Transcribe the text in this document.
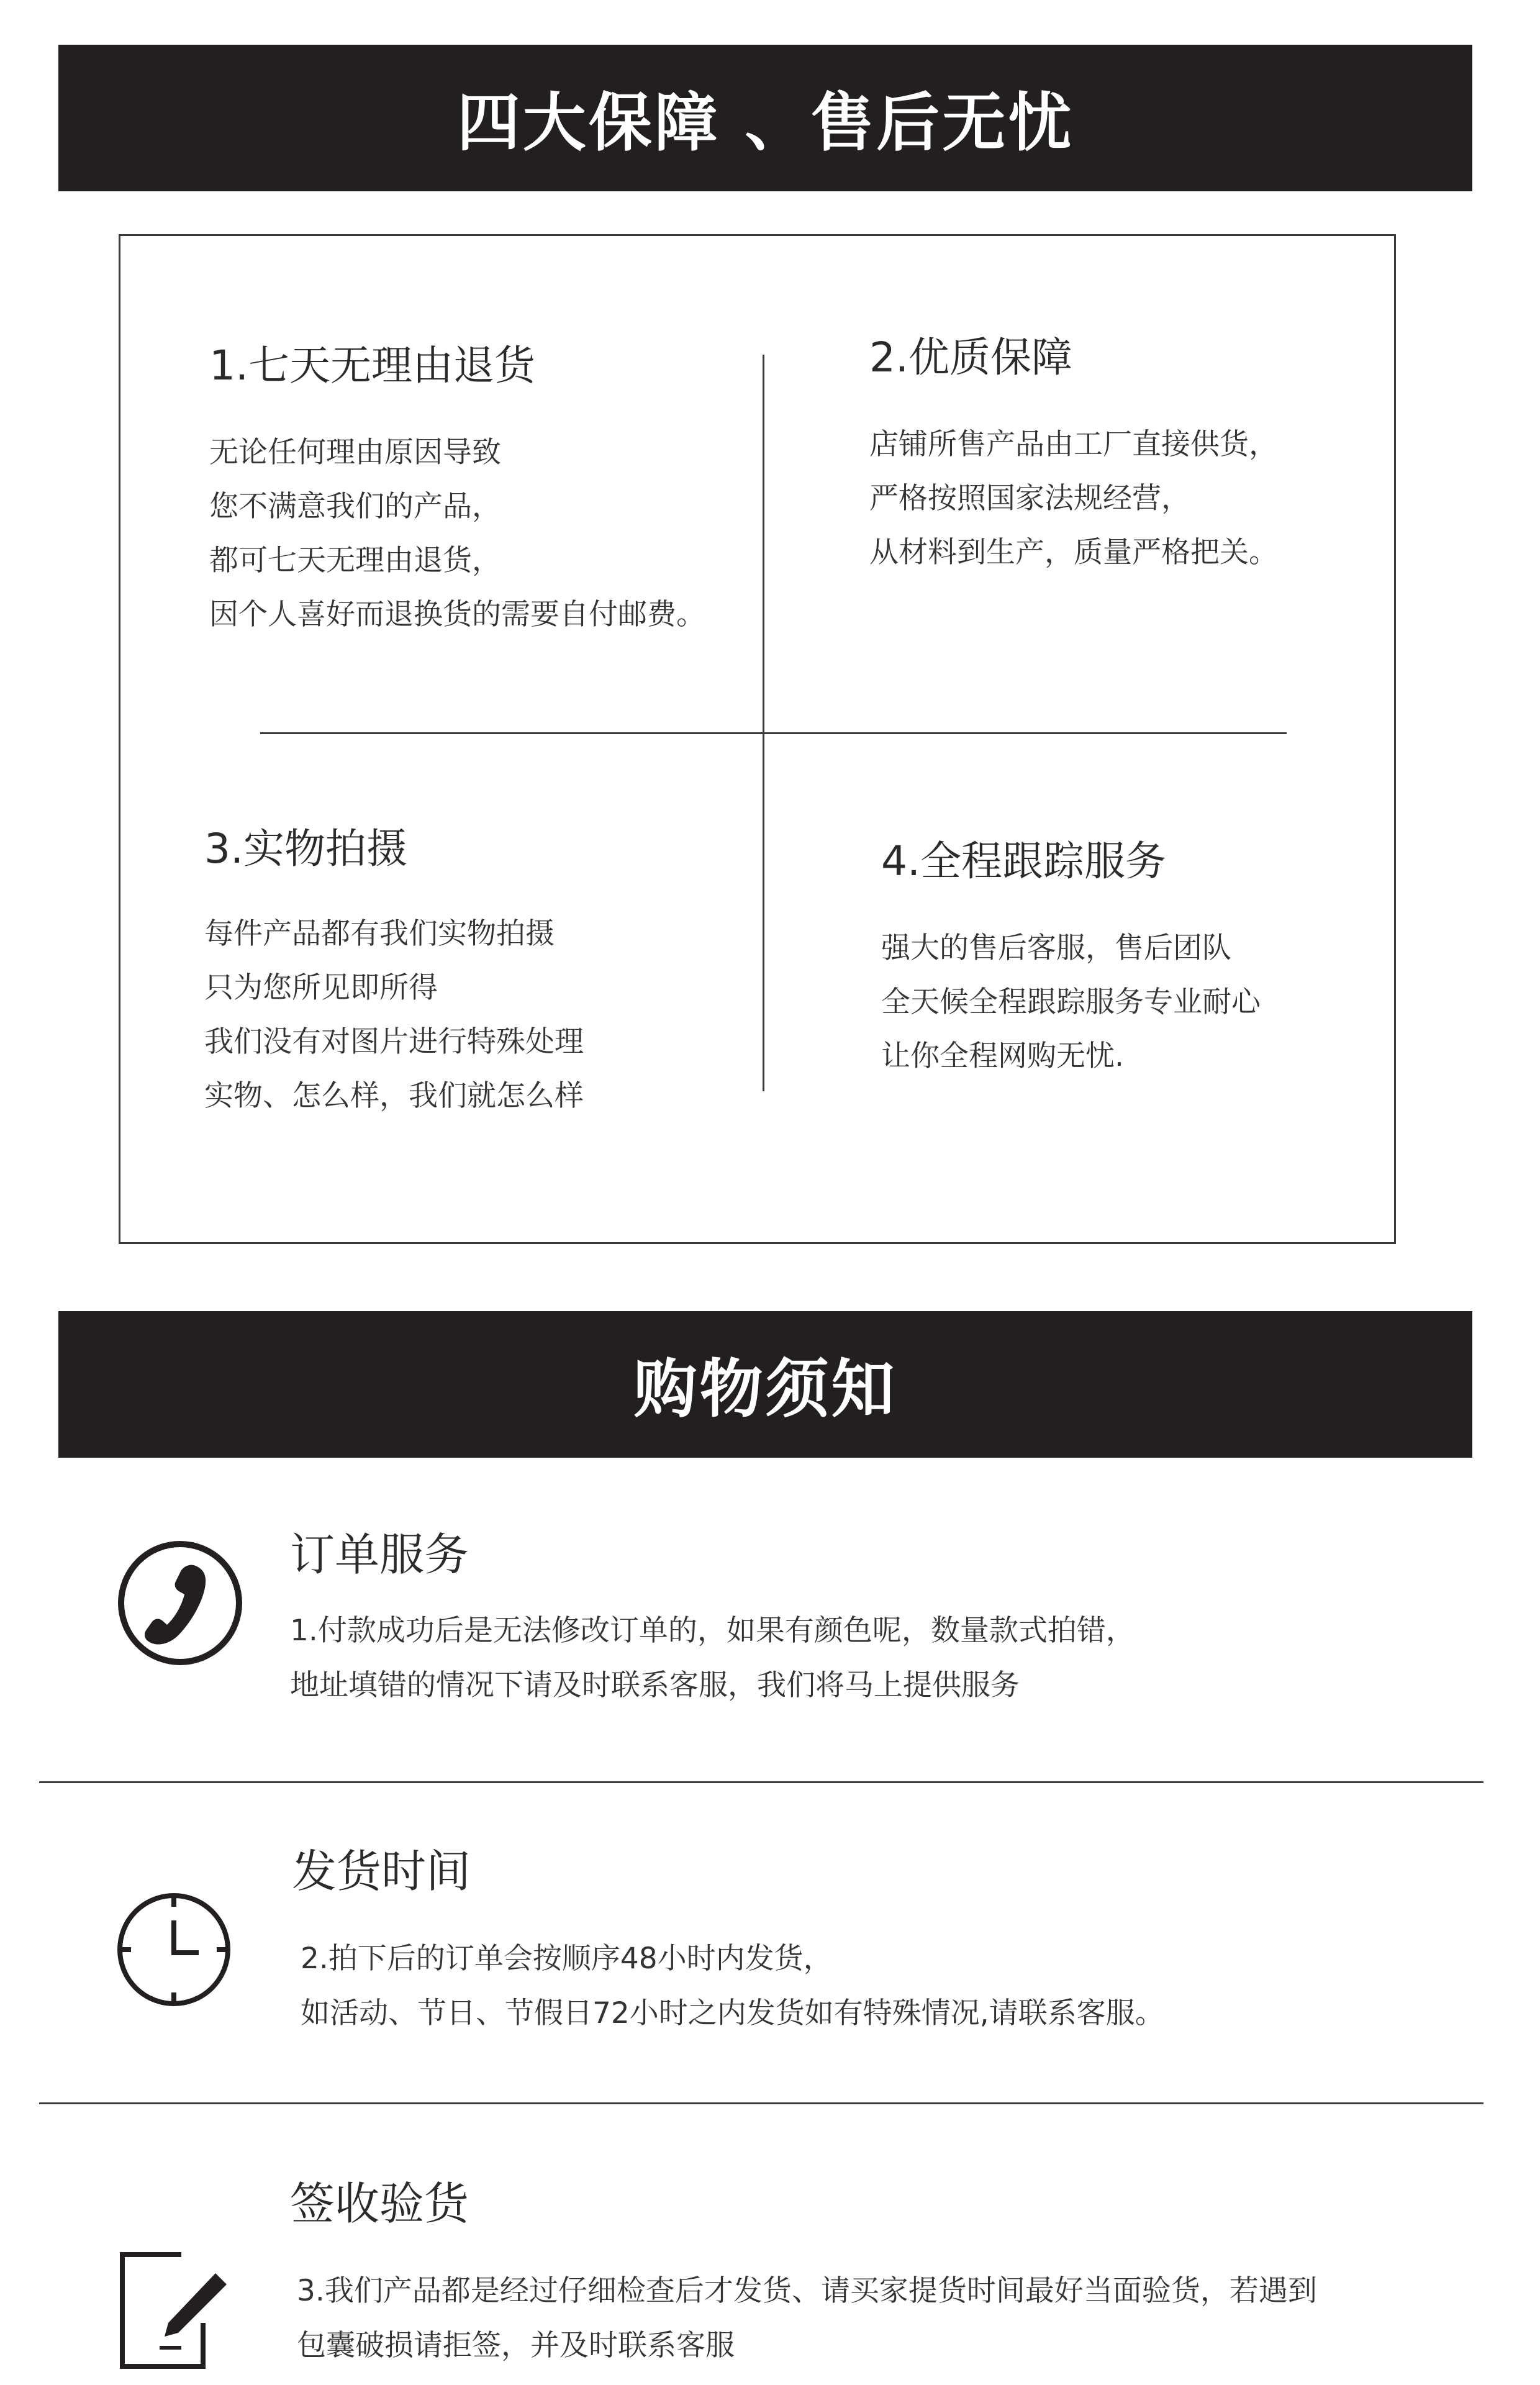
四大保障 、售后无忧
1.七天无理由退货
无论任何理由原因导致
您不满意我们的产品，
都可七天无理由退货，
因个人喜好而退换货的需要自付邮费。
2.优质保障
店铺所售产品由工厂直接供货，
严格按照国家法规经营，
从材料到生产，质量严格把关。
3.实物拍摄
每件产品都有我们实物拍摄
只为您所见即所得
我们没有对图片进行特殊处理
实物、怎么样，我们就怎么样
4.全程跟踪服务
强大的售后客服，售后团队
全天候全程跟踪服务专业耐心
让你全程网购无忧.
购物须知
订单服务
1.付款成功后是无法修改订单的，如果有颜色呢，数量款式拍错，
地址填错的情况下请及时联系客服，我们将马上提供服务
发货时间
2.拍下后的订单会按顺序48小时内发货，
如活动、节日、节假日72小时之内发货如有特殊情况,请联系客服。
签收验货
3.我们产品都是经过仔细检查后才发货、请买家提货时间最好当面验货，若遇到
包囊破损请拒签，并及时联系客服
